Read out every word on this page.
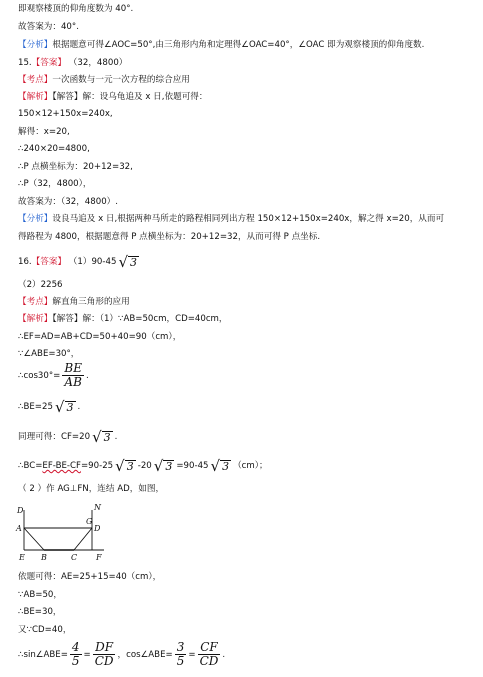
即观察楼顶的仰角度数为 40°.
故答案为：40°.
【分析】根据题意可得∠AOC=50°,由三角形内角和定理得∠OAC=40°，∠OAC 即为观察楼顶的仰角度数.
15.【答案】 （32，4800）
【考点】一次函数与一元一次方程的综合应用
【解析】【解答】解：设乌龟追及 x 日,依题可得：
150×12+150x=240x,
解得：x=20,
∴240×20=4800,
∴P 点横坐标为：20+12=32,
∴P（32，4800），
故答案为：（32，4800）.
【分析】设良马追及 x 日,根据两种马所走的路程相同列出方程 150×12+150x=240x，解之得 x=20，从而可
得路程为 4800，根据题意得 P 点横坐标为：20+12=32，从而可得 P 点坐标.
16.【答案】 （1）90-45 √ 3
（2）2256
【考点】解直角三角形的应用
【解析】【解答】解：（1）∵AB=50cm，CD=40cm，
∴EF=AD=AB+CD=50+40=90（cm），
∵∠ABE=30°，
∴cos30°= $\frac{BE}{AB}$ .
∴BE=25 √ 3 .
同理可得：CF=20 √ 3 .
∴BC=EF-BE-CF=90-25 √ 3 -20 √ 3 =90-45 √ 3 （cm）；
（ 2 ）作 AG⊥FN，连结 AD，如图，
D
A
E B	C F
N
G
D
依题可得：AE=25+15=40（cm），
∵AB=50，
∴BE=30，
又∵CD=40，
∴sin∠ABE= $\frac{4}{5} = \frac{DF}{CD}$ ，cos∠ABE= $\frac{3}{5} = \frac{CF}{CD}$ .
